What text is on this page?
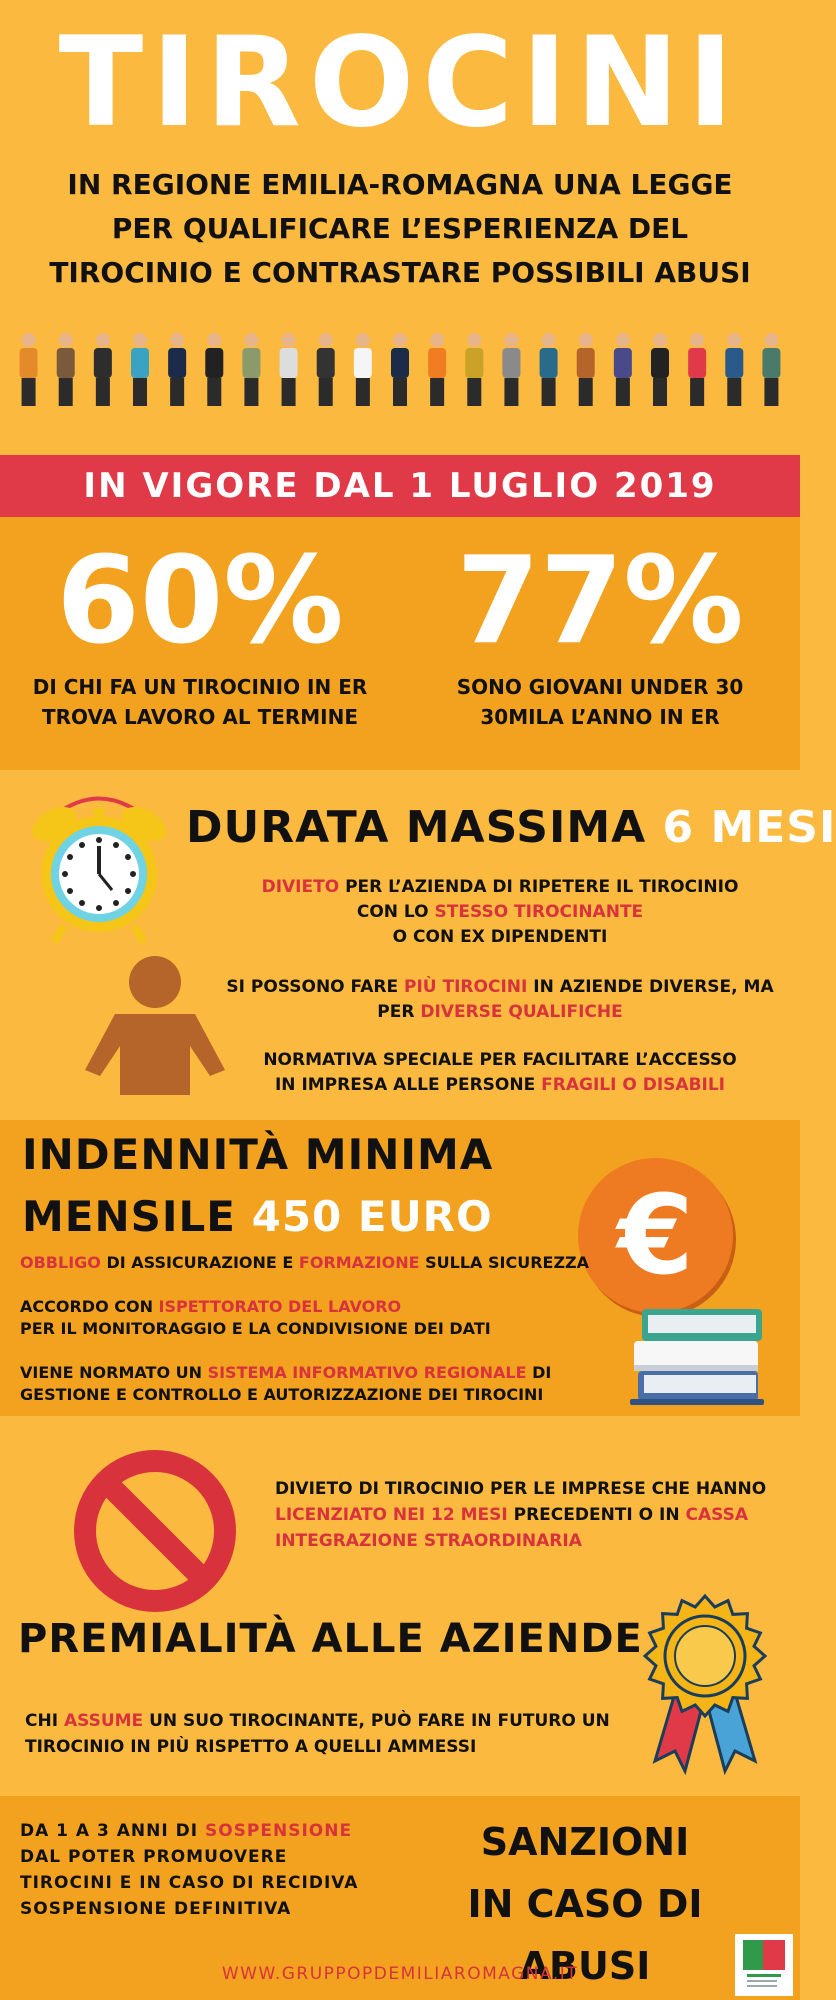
TIROCINI
IN REGIONE EMILIA-ROMAGNA UNA LEGGE
PER QUALIFICARE L’ESPERIENZA DEL
TIROCINIO E CONTRASTARE POSSIBILI ABUSI
IN VIGORE DAL 1 LUGLIO 2019
60%
DI CHI FA UN TIROCINIO IN ER
TROVA LAVORO AL TERMINE
77%
SONO GIOVANI UNDER 30
30MILA L’ANNO IN ER
DURATA MASSIMA 6 MESI
DIVIETO PER L’AZIENDA DI RIPETERE IL TIROCINIO
CON LO STESSO TIROCINANTE
O CON EX DIPENDENTI
SI POSSONO FARE PIÙ TIROCINI IN AZIENDE DIVERSE, MA
PER DIVERSE QUALIFICHE
NORMATIVA SPECIALE PER FACILITARE L’ACCESSO
IN IMPRESA ALLE PERSONE FRAGILI O DISABILI
INDENNITÀ MINIMA
MENSILE 450 EURO	€
OBBLIGO DI ASSICURAZIONE E FORMAZIONE SULLA SICUREZZA
ACCORDO CON ISPETTORATO DEL LAVORO
PER IL MONITORAGGIO E LA CONDIVISIONE DEI DATI
VIENE NORMATO UN SISTEMA INFORMATIVO REGIONALE DI
GESTIONE E CONTROLLO E AUTORIZZAZIONE DEI TIROCINI
DIVIETO DI TIROCINIO PER LE IMPRESE CHE HANNO
LICENZIATO NEI 12 MESI PRECEDENTI O IN CASSA
INTEGRAZIONE STRAORDINARIA
PREMIALITÀ ALLE AZIENDE
CHI ASSUME UN SUO TIROCINANTE, PUÒ FARE IN FUTURO UN
TIROCINIO IN PIÙ RISPETTO A QUELLI AMMESSI
DA 1 A 3 ANNI DI SOSPENSIONE
DAL POTER PROMUOVERE
TIROCINI E IN CASO DI RECIDIVA
SOSPENSIONE DEFINITIVA
SANZIONI
IN CASO DI ABUSI
WWW.GRUPPOPDEMILIAROMAGNA.IT
